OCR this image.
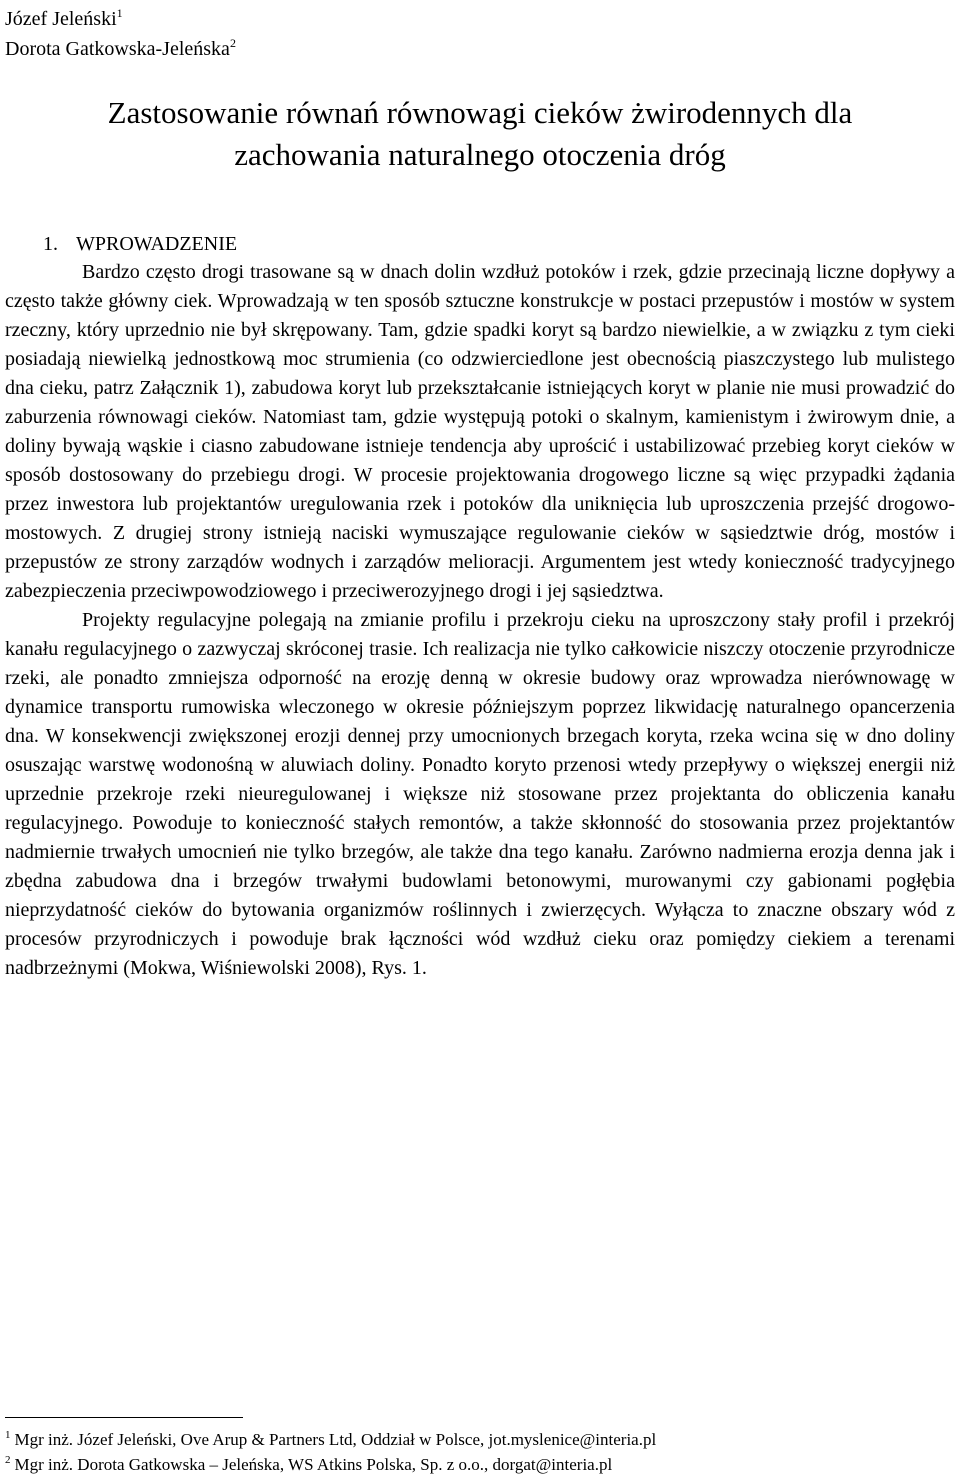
Józef Jeleński$^1$
Dorota Gatkowska-Jeleńska$^2$
Zastosowanie równań równowagi cieków żwirodennych dla
zachowania naturalnego otoczenia dróg
1. WPROWADZENIE

Bardzo często drogi trasowane są w dnach dolin wzdłuż potoków i rzek, gdzie przecinają liczne dopływy a często także główny ciek. Wprowadzają w ten sposób sztuczne konstrukcje w postaci przepustów i mostów w system rzeczny, który uprzednio nie był skrępowany. Tam, gdzie spadki koryt są bardzo niewielkie, a w związku z tym cieki posiadają niewielką jednostkową moc strumienia (co odzwierciedlone jest obecnością piaszczystego lub mulistego dna cieku, patrz Załącznik 1), zabudowa koryt lub przekształcanie istniejących koryt w planie nie musi prowadzić do zaburzenia równowagi cieków. Natomiast tam, gdzie występują potoki o skalnym, kamienistym i żwirowym dnie, a doliny bywają wąskie i ciasno zabudowane istnieje tendencja aby uprościć i ustabilizować przebieg koryt cieków w sposób dostosowany do przebiegu drogi. W procesie projektowania drogowego liczne są więc przypadki żądania przez inwestora lub projektantów uregulowania rzek i potoków dla uniknięcia lub uproszczenia przejść drogowo-mostowych. Z drugiej strony istnieją naciski wymuszające regulowanie cieków w sąsiedztwie dróg, mostów i przepustów ze strony zarządów wodnych i zarządów melioracji. Argumentem jest wtedy konieczność tradycyjnego zabezpieczenia przeciwpowodziowego i przeciwerozyjnego drogi i jej sąsiedztwa.

Projekty regulacyjne polegają na zmianie profilu i przekroju cieku na uproszczony stały profil i przekrój kanału regulacyjnego o zazwyczaj skróconej trasie. Ich realizacja nie tylko całkowicie niszczy otoczenie przyrodnicze rzeki, ale ponadto zmniejsza odporność na erozję denną w okresie budowy oraz wprowadza nierównowagę w dynamice transportu rumowiska wleczonego w okresie późniejszym poprzez likwidację naturalnego opancerzenia dna. W konsekwencji zwiększonej erozji dennej przy umocnionych brzegach koryta, rzeka wcina się w dno doliny osuszając warstwę wodonośną w aluwiach doliny. Ponadto koryto przenosi wtedy przepływy o większej energii niż uprzednie przekroje rzeki nieuregulowanej i większe niż stosowane przez projektanta do obliczenia kanału regulacyjnego. Powoduje to konieczność stałych remontów, a także skłonność do stosowania przez projektantów nadmiernie trwałych umocnień nie tylko brzegów, ale także dna tego kanału. Zarówno nadmierna erozja denna jak i zbędna zabudowa dna i brzegów trwałymi budowlami betonowymi, murowanymi czy gabionami pogłębia nieprzydatność cieków do bytowania organizmów roślinnych i zwierzęcych. Wyłącza to znaczne obszary wód z procesów przyrodniczych i powoduje brak łączności wód wzdłuż cieku oraz pomiędzy ciekiem a terenami nadbrzeżnymi (Mokwa, Wiśniewolski 2008), Rys. 1.

$^1$ Mgr inż. Józef Jeleński, Ove Arup & Partners Ltd, Oddział w Polsce, jot.myslenice@interia.pl
$^2$ Mgr inż. Dorota Gatkowska – Jeleńska, WS Atkins Polska, Sp. z o.o., dorgat@interia.pl
